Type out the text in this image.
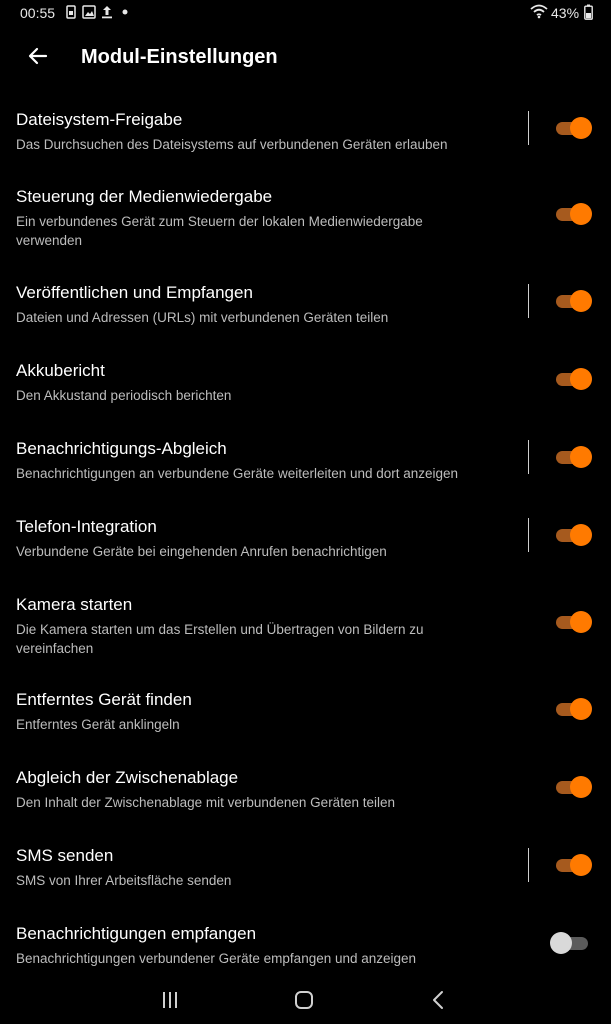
00:55	43%
Modul-Einstellungen
Dateisystem-Freigabe
Das Durchsuchen des Dateisystems auf verbundenen Geräten erlauben
Steuerung der Medienwiedergabe
Ein verbundenes Gerät zum Steuern der lokalen Medienwiedergabe verwenden
Veröffentlichen und Empfangen
Dateien und Adressen (URLs) mit verbundenen Geräten teilen
Akkubericht
Den Akkustand periodisch berichten
Benachrichtigungs-Abgleich
Benachrichtigungen an verbundene Geräte weiterleiten und dort anzeigen
Telefon-Integration
Verbundene Geräte bei eingehenden Anrufen benachrichtigen
Kamera starten
Die Kamera starten um das Erstellen und Übertragen von Bildern zu vereinfachen
Entferntes Gerät finden
Entferntes Gerät anklingeln
Abgleich der Zwischenablage
Den Inhalt der Zwischenablage mit verbundenen Geräten teilen
SMS senden
SMS von Ihrer Arbeitsfläche senden
Benachrichtigungen empfangen
Benachrichtigungen verbundener Geräte empfangen und anzeigen
